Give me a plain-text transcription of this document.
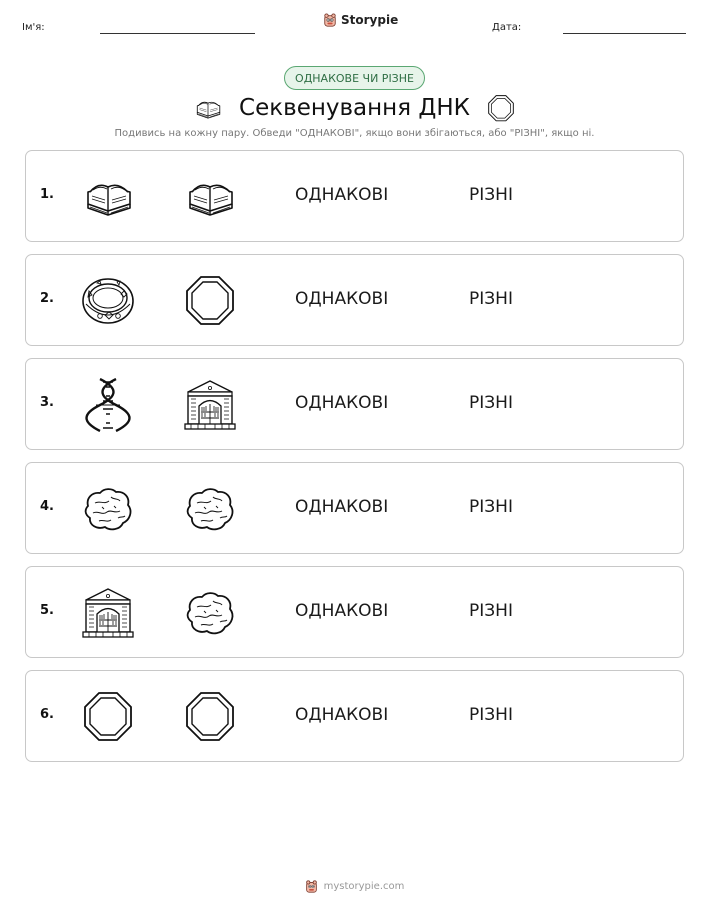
Ім'я:
Storypie
Дата:
ОДНАКОВЕ ЧИ РІЗНЕ
Секвенування ДНК
Подивись на кожну пару. Обведи "ОДНАКОВІ", якщо вони збігаються, або "РІЗНІ", якщо ні.
1.	ОДНАКОВІ	РІЗНІ
2.	ОДНАКОВІ	РІЗНІ
3.	ОДНАКОВІ	РІЗНІ
4.	ОДНАКОВІ	РІЗНІ
5.	ОДНАКОВІ	РІЗНІ
6.	ОДНАКОВІ	РІЗНІ
mystorypie.com
